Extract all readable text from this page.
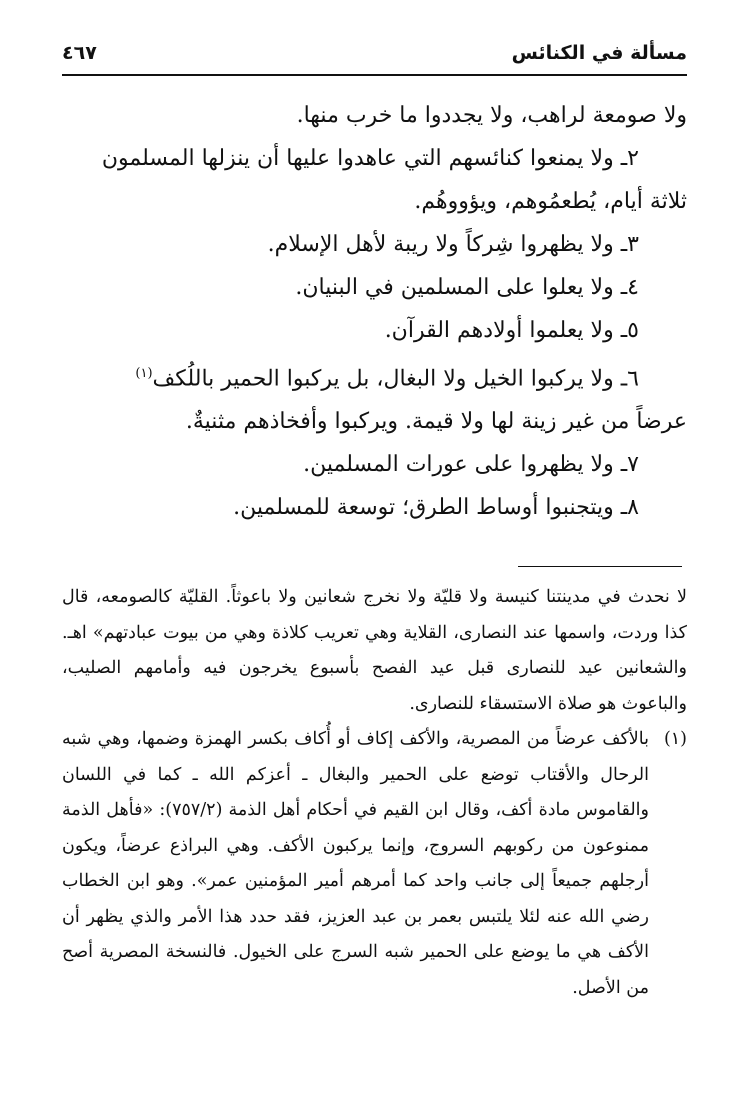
مسألة في الكنائس
٤٦٧

ولا صومعة لراهب، ولا يجددوا ما خرب منها.

٢ـ ولا يمنعوا كنائسهم التي عاهدوا عليها أن ينزلها المسلمون

ثلاثة أيام، يُطعمُوهم، ويؤووهُم.

٣ـ ولا يظهروا شِركاً ولا ريبة لأهل الإسلام.

٤ـ ولا يعلوا على المسلمين في البنيان.

٥ـ ولا يعلموا أولادهم القرآن.

٦ـ ولا يركبوا الخيل ولا البغال، بل يركبوا الحمير باللُكف$^{(١)}$

عرضاً من غير زينة لها ولا قيمة. ويركبوا وأفخاذهم مثنيةٌ.

٧ـ ولا يظهروا على عورات المسلمين.

٨ـ ويتجنبوا أوساط الطرق؛ توسعة للمسلمين.

لا نحدث في مدينتنا كنيسة ولا قليّة ولا نخرج شعانين ولا باعوثاً. القليّة كالصومعه، قال كذا وردت، واسمها عند النصارى، القلاية وهي تعريب كلاذة وهي من بيوت عبادتهم» اهـ. والشعانين عيد للنصارى قبل عيد الفصح بأسبوع يخرجون فيه وأمامهم الصليب، والباعوث هو صلاة الاستسقاء للنصارى.

(١)
بالأكف عرضاً من المصرية، والأكف إكاف أو أُكاف بكسر الهمزة وضمها، وهي شبه الرحال والأقتاب توضع على الحمير والبغال ـ أعزكم الله ـ كما في اللسان والقاموس مادة أكف، وقال ابن القيم في أحكام أهل الذمة (٧٥٧/٢): «فأهل الذمة ممنوعون من ركوبهم السروج، وإنما يركبون الأكف. وهي البراذع عرضاً، ويكون أرجلهم جميعاً إلى جانب واحد كما أمرهم أمير المؤمنين عمر». وهو ابن الخطاب رضي الله عنه لئلا يلتبس بعمر بن عبد العزيز، فقد حدد هذا الأمر والذي يظهر أن الأكف هي ما يوضع على الحمير شبه السرج على الخيول. فالنسخة المصرية أصح من الأصل.
